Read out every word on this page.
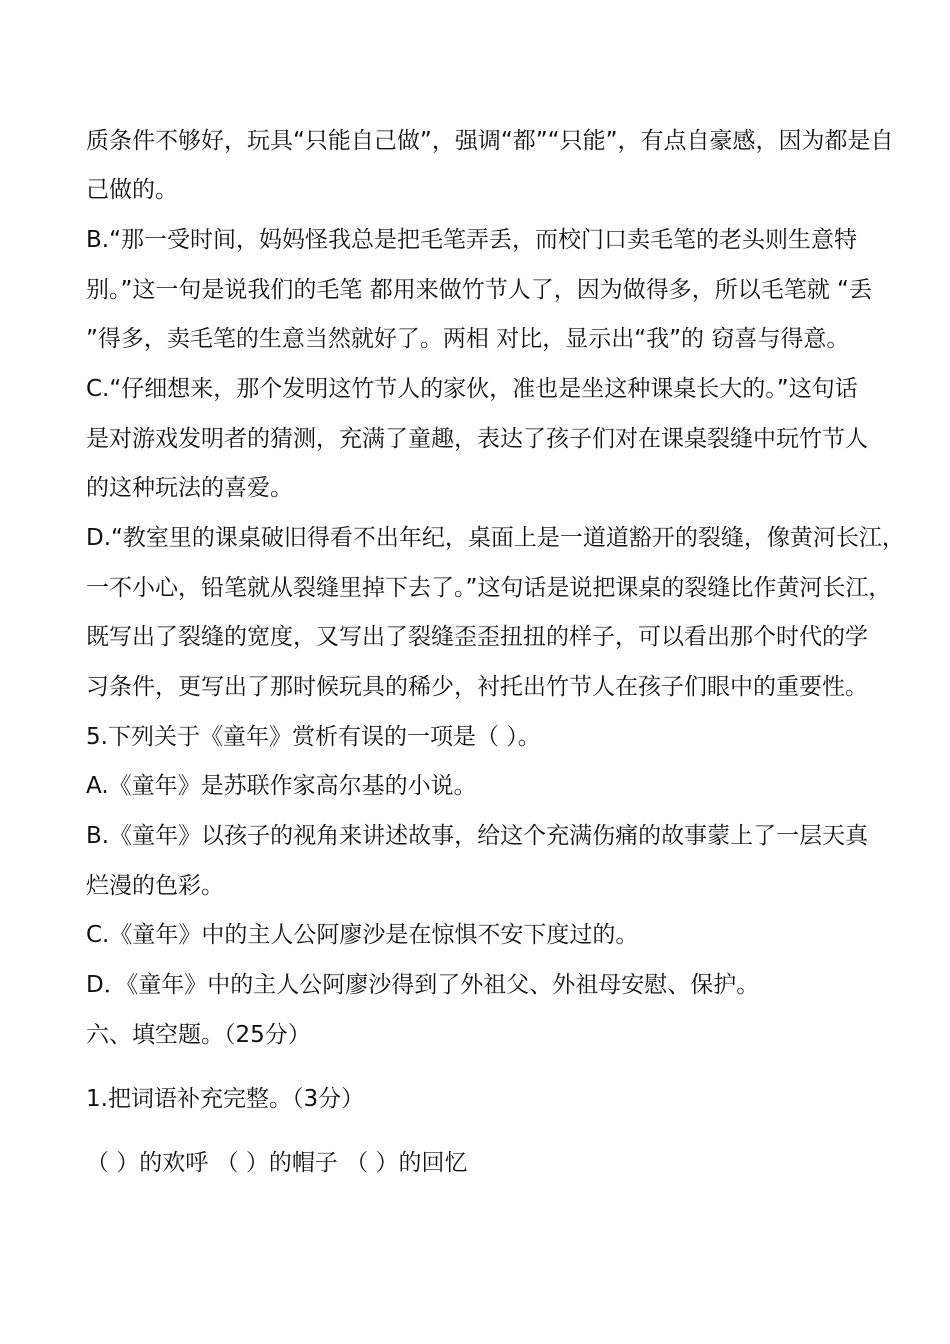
质条件不够好，玩具“只能自己做”，强调“都”“只能”，有点自豪感，因为都是自
己做的。
B.“那一受时间，妈妈怪我总是把毛笔弄丢，而校门口卖毛笔的老头则生意特
别。”这一句是说我们的毛笔 都用来做竹节人了，因为做得多，所以毛笔就 “丢
”得多，卖毛笔的生意当然就好了。两相 对比，显示出“我”的 窃喜与得意。
C.“仔细想来，那个发明这竹节人的家伙，准也是坐这种课桌长大的。”这句话
是对游戏发明者的猜测，充满了童趣，表达了孩子们对在课桌裂缝中玩竹节人
的这种玩法的喜爱。
D.“教室里的课桌破旧得看不出年纪，桌面上是一道道豁开的裂缝，像黄河长江，
一不小心，铅笔就从裂缝里掉下去了。”这句话是说把课桌的裂缝比作黄河长江，
既写出了裂缝的宽度，又写出了裂缝歪歪扭扭的样子，可以看出那个时代的学
习条件，更写出了那时候玩具的稀少，衬托出竹节人在孩子们眼中的重要性。
5.下列关于《童年》赏析有误的一项是（ ）。
A.《童年》是苏联作家高尔基的小说。
B.《童年》以孩子的视角来讲述故事，给这个充满伤痛的故事蒙上了一层天真
烂漫的色彩。
C.《童年》中的主人公阿廖沙是在惊惧不安下度过的。
D．《童年》中的主人公阿廖沙得到了外祖父、外祖母安慰、保护。
六、填空题。（25分）
1.把词语补充完整。（3分）
（ ）的欢呼 （ ）的帽子 （ ）的回忆
